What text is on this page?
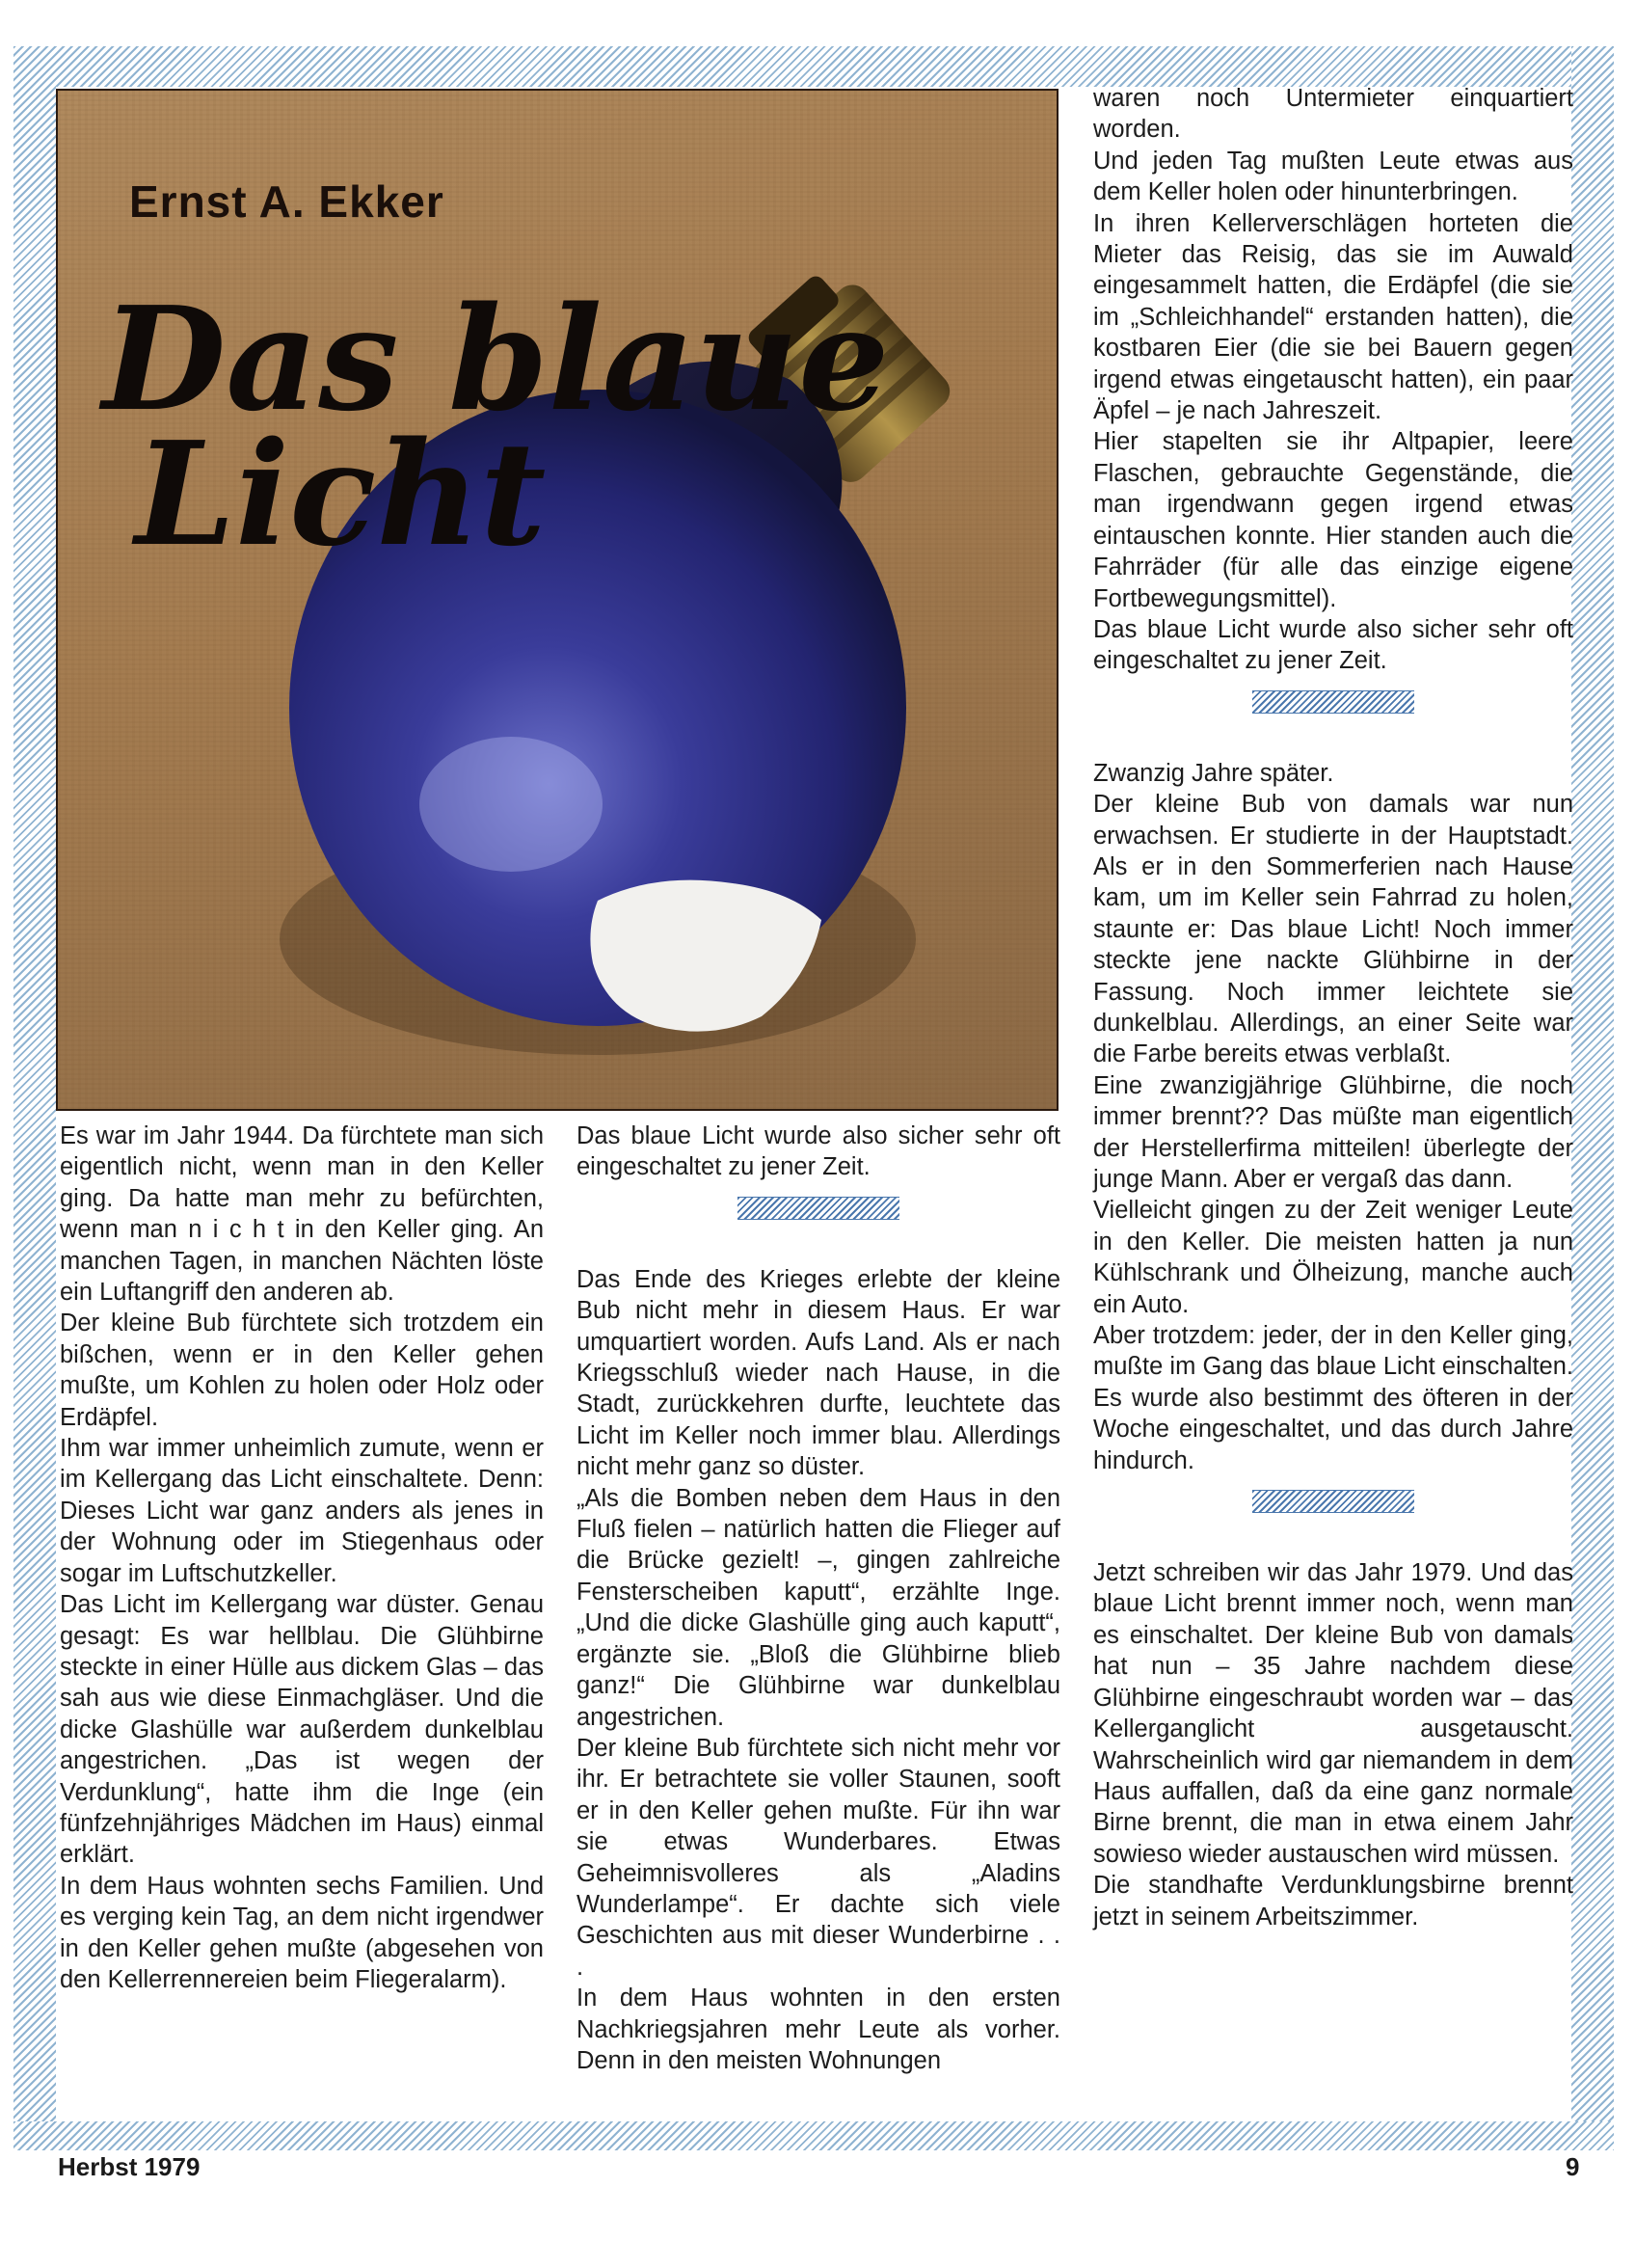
Ernst A. Ekker
Das blaue
Licht

Es war im Jahr 1944. Da fürchtete man sich eigentlich nicht, wenn man in den Keller ging. Da hatte man mehr zu befürchten, wenn man n i c h t in den Keller ging. An manchen Tagen, in manchen Nächten löste ein Luftangriff den anderen ab.

Der kleine Bub fürchtete sich trotzdem ein bißchen, wenn er in den Keller gehen mußte, um Kohlen zu holen oder Holz oder Erdäpfel.

Ihm war immer unheimlich zumute, wenn er im Kellergang das Licht einschaltete. Denn: Dieses Licht war ganz anders als jenes in der Wohnung oder im Stiegenhaus oder sogar im Luftschutzkeller.

Das Licht im Kellergang war düster. Genau gesagt: Es war hellblau. Die Glühbirne steckte in einer Hülle aus dickem Glas – das sah aus wie diese Einmachgläser. Und die dicke Glashülle war außerdem dunkelblau angestrichen. „Das ist wegen der Verdunklung“, hatte ihm die Inge (ein fünfzehnjähriges Mädchen im Haus) einmal erklärt.

In dem Haus wohnten sechs Familien. Und es verging kein Tag, an dem nicht irgendwer in den Keller gehen mußte (abgesehen von den Kellerrennereien beim Fliegeralarm).

Das blaue Licht wurde also sicher sehr oft eingeschaltet zu jener Zeit.

Das Ende des Krieges erlebte der kleine Bub nicht mehr in diesem Haus. Er war umquartiert worden. Aufs Land. Als er nach Kriegsschluß wieder nach Hause, in die Stadt, zurückkehren durfte, leuchtete das Licht im Keller noch immer blau. Allerdings nicht mehr ganz so düster.

„Als die Bomben neben dem Haus in den Fluß fielen – natürlich hatten die Flieger auf die Brücke gezielt! –, gingen zahlreiche Fensterscheiben kaputt“, erzählte Inge. „Und die dicke Glashülle ging auch kaputt“, ergänzte sie. „Bloß die Glühbirne blieb ganz!“ Die Glühbirne war dunkelblau angestrichen.

Der kleine Bub fürchtete sich nicht mehr vor ihr. Er betrachtete sie voller Staunen, sooft er in den Keller gehen mußte. Für ihn war sie etwas Wunderbares. Etwas Geheimnisvolleres als „Aladins Wunderlampe“. Er dachte sich viele Geschichten aus mit dieser Wunderbirne . . .

In dem Haus wohnten in den ersten Nachkriegsjahren mehr Leute als vorher. Denn in den meisten Wohnungen

waren noch Untermieter einquartiert worden.

Und jeden Tag mußten Leute etwas aus dem Keller holen oder hinunterbringen.

In ihren Kellerverschlägen horteten die Mieter das Reisig, das sie im Auwald eingesammelt hatten, die Erdäpfel (die sie im „Schleichhandel“ erstanden hatten), die kostbaren Eier (die sie bei Bauern gegen irgend etwas eingetauscht hatten), ein paar Äpfel – je nach Jahreszeit.

Hier stapelten sie ihr Altpapier, leere Flaschen, gebrauchte Gegenstände, die man irgendwann gegen irgend etwas eintauschen konnte. Hier standen auch die Fahrräder (für alle das einzige eigene Fortbewegungsmittel).

Das blaue Licht wurde also sicher sehr oft eingeschaltet zu jener Zeit.

Zwanzig Jahre später.

Der kleine Bub von damals war nun erwachsen. Er studierte in der Hauptstadt. Als er in den Sommerferien nach Hause kam, um im Keller sein Fahrrad zu holen, staunte er: Das blaue Licht! Noch immer steckte jene nackte Glühbirne in der Fassung. Noch immer leichtete sie dunkelblau. Allerdings, an einer Seite war die Farbe bereits etwas verblaßt.

Eine zwanzigjährige Glühbirne, die noch immer brennt?? Das müßte man eigentlich der Herstellerfirma mitteilen! überlegte der junge Mann. Aber er vergaß das dann.

Vielleicht gingen zu der Zeit weniger Leute in den Keller. Die meisten hatten ja nun Kühlschrank und Ölheizung, manche auch ein Auto.

Aber trotzdem: jeder, der in den Keller ging, mußte im Gang das blaue Licht einschalten. Es wurde also bestimmt des öfteren in der Woche eingeschaltet, und das durch Jahre hindurch.

Jetzt schreiben wir das Jahr 1979. Und das blaue Licht brennt immer noch, wenn man es einschaltet. Der kleine Bub von damals hat nun – 35 Jahre nachdem diese Glühbirne eingeschraubt worden war – das Kellerganglicht ausgetauscht. Wahrscheinlich wird gar niemandem in dem Haus auffallen, daß da eine ganz normale Birne brennt, die man in etwa einem Jahr sowieso wieder austauschen wird müssen.

Die standhafte Verdunklungsbirne brennt jetzt in seinem Arbeitszimmer.

Herbst 1979	9
